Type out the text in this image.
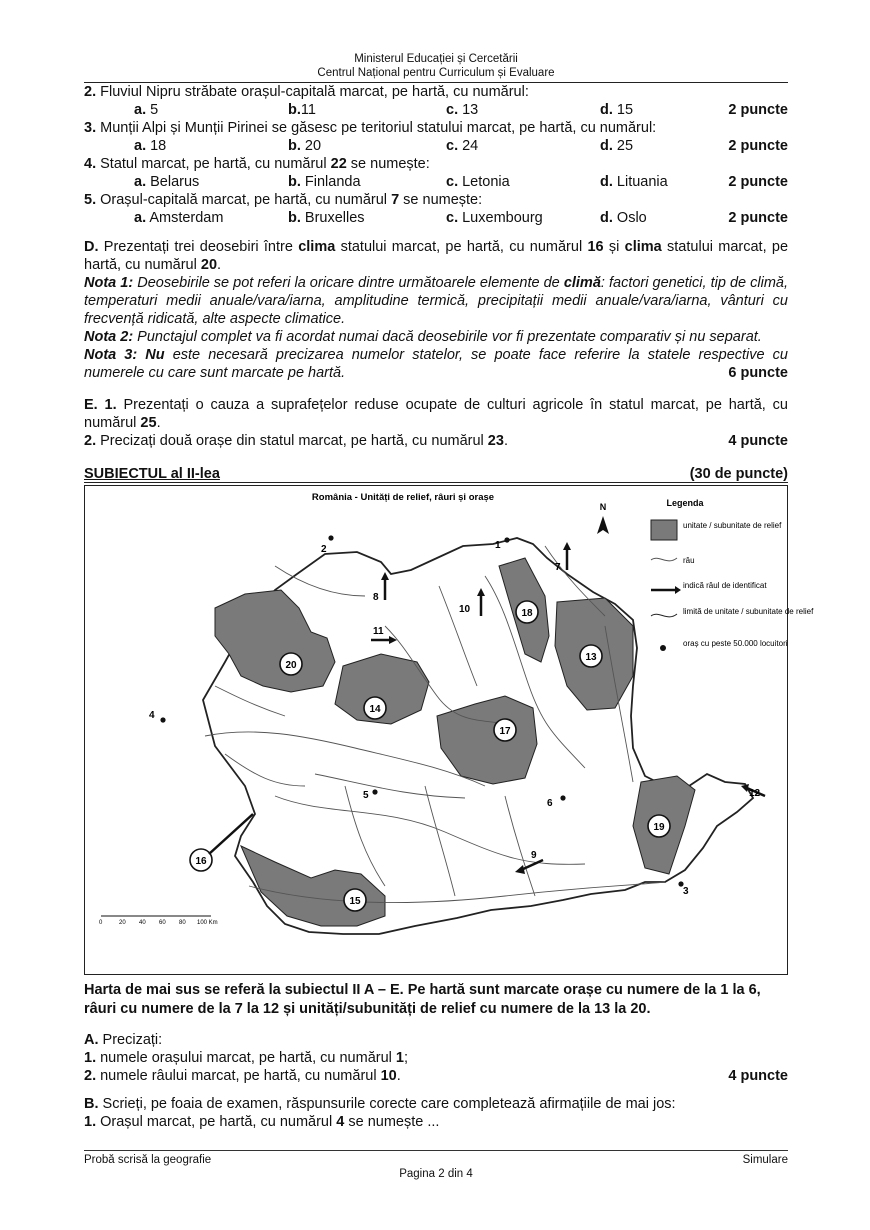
Ministerul Educației și Cercetării
Centrul Național pentru Curriculum și Evaluare
2. Fluviul Nipru străbate orașul-capitală marcat, pe hartă, cu numărul:
a. 5	b.11	c. 13	d. 15	2 puncte
3. Munții Alpi și Munții Pirinei se găsesc pe teritoriul statului marcat, pe hartă, cu numărul:
a. 18	b. 20	c. 24	d. 25	2 puncte
4. Statul marcat, pe hartă, cu numărul 22 se numește:
a. Belarus	b. Finlanda	c. Letonia	d. Lituania	2 puncte
5. Orașul-capitală marcat, pe hartă, cu numărul 7 se numește:
a. Amsterdam	b. Bruxelles	c. Luxembourg	d. Oslo	2 puncte
D. Prezentați trei deosebiri între clima statului marcat, pe hartă, cu numărul 16 și clima statului marcat, pe hartă, cu numărul 20.
Nota 1: Deosebirile se pot referi la oricare dintre următoarele elemente de climă: factori genetici, tip de climă, temperaturi medii anuale/vara/iarna, amplitudine termică, precipitații medii anuale/vara/iarna, vânturi cu frecvență ridicată, alte aspecte climatice.
Nota 2: Punctajul complet va fi acordat numai dacă deosebirile vor fi prezentate comparativ și nu separat.
Nota 3: Nu este necesară precizarea numelor statelor, se poate face referire la statele respective cu numerele cu care sunt marcate pe hartă.	6 puncte
E. 1. Prezentați o cauza a suprafețelor reduse ocupate de culturi agricole în statul marcat, pe hartă, cu numărul 25.
2. Precizați două orașe din statul marcat, pe hartă, cu numărul 23.	4 puncte
SUBIECTUL al II-lea	(30 de puncte)
România - Unități de relief, râuri și orașe
N	Legenda
unitate / subunitate de relief
râu
indică râul de identificat
limită de unitate / subunitate de relief
oraș cu peste 50.000 locuitori
1
2
3
4
5
6
7
8
9
10
11
12
13
14
15
16
17
18
19
20
0	20 40 60 80 100 Km
Harta de mai sus se referă la subiectul II A – E. Pe hartă sunt marcate orașe cu numere de la 1 la 6, râuri cu numere de la 7 la 12 și unități/subunități de relief cu numere de la 13 la 20.
A. Precizați:
1. numele orașului marcat, pe hartă, cu numărul 1;
2. numele râului marcat, pe hartă, cu numărul 10.	4 puncte
B. Scrieți, pe foaia de examen, răspunsurile corecte care completează afirmațiile de mai jos:
1. Orașul marcat, pe hartă, cu numărul 4 se numește ...
Probă scrisă la geografie	Simulare
Pagina 2 din 4
